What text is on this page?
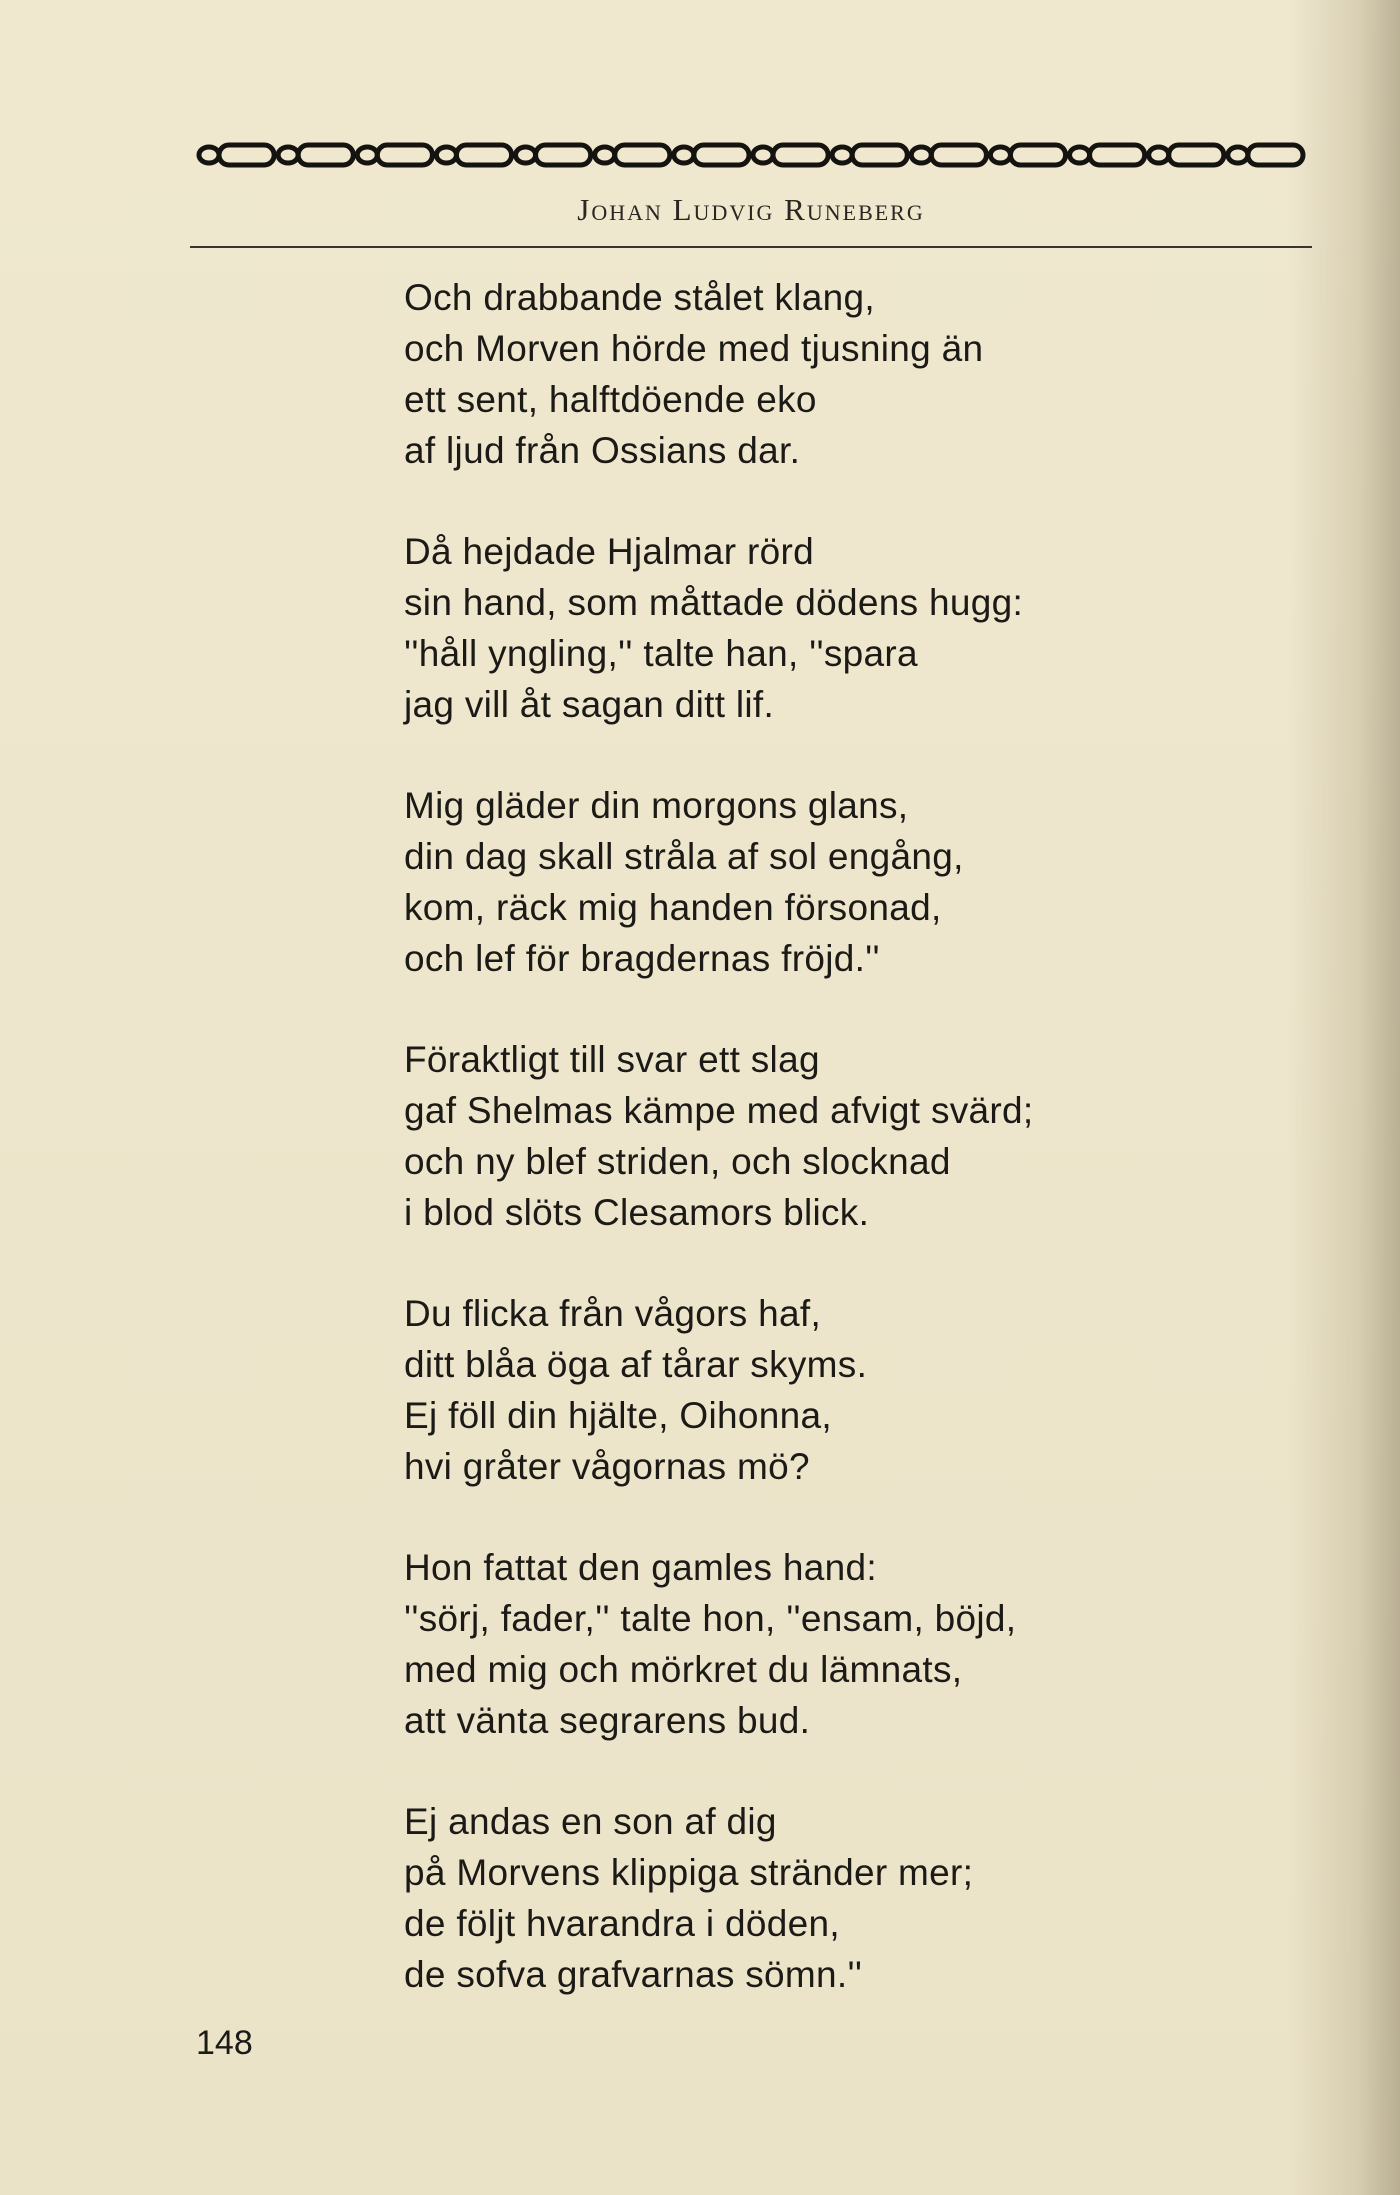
Johan Ludvig Runeberg
Och drabbande stålet klang,
och Morven hörde med tjusning än
ett sent, halftdöende eko
af ljud från Ossians dar.
Då hejdade Hjalmar rörd
sin hand, som måttade dödens hugg:
''håll yngling,'' talte han, ''spara
jag vill åt sagan ditt lif.
Mig gläder din morgons glans,
din dag skall stråla af sol engång,
kom, räck mig handen försonad,
och lef för bragdernas fröjd.''
Föraktligt till svar ett slag
gaf Shelmas kämpe med afvigt svärd;
och ny blef striden, och slocknad
i blod slöts Clesamors blick.
Du flicka från vågors haf,
ditt blåa öga af tårar skyms.
Ej föll din hjälte, Oihonna,
hvi gråter vågornas mö?
Hon fattat den gamles hand:
''sörj, fader,'' talte hon, ''ensam, böjd,
med mig och mörkret du lämnats,
att vänta segrarens bud.
Ej andas en son af dig
på Morvens klippiga stränder mer;
de följt hvarandra i döden,
de sofva grafvarnas sömn.''
148
